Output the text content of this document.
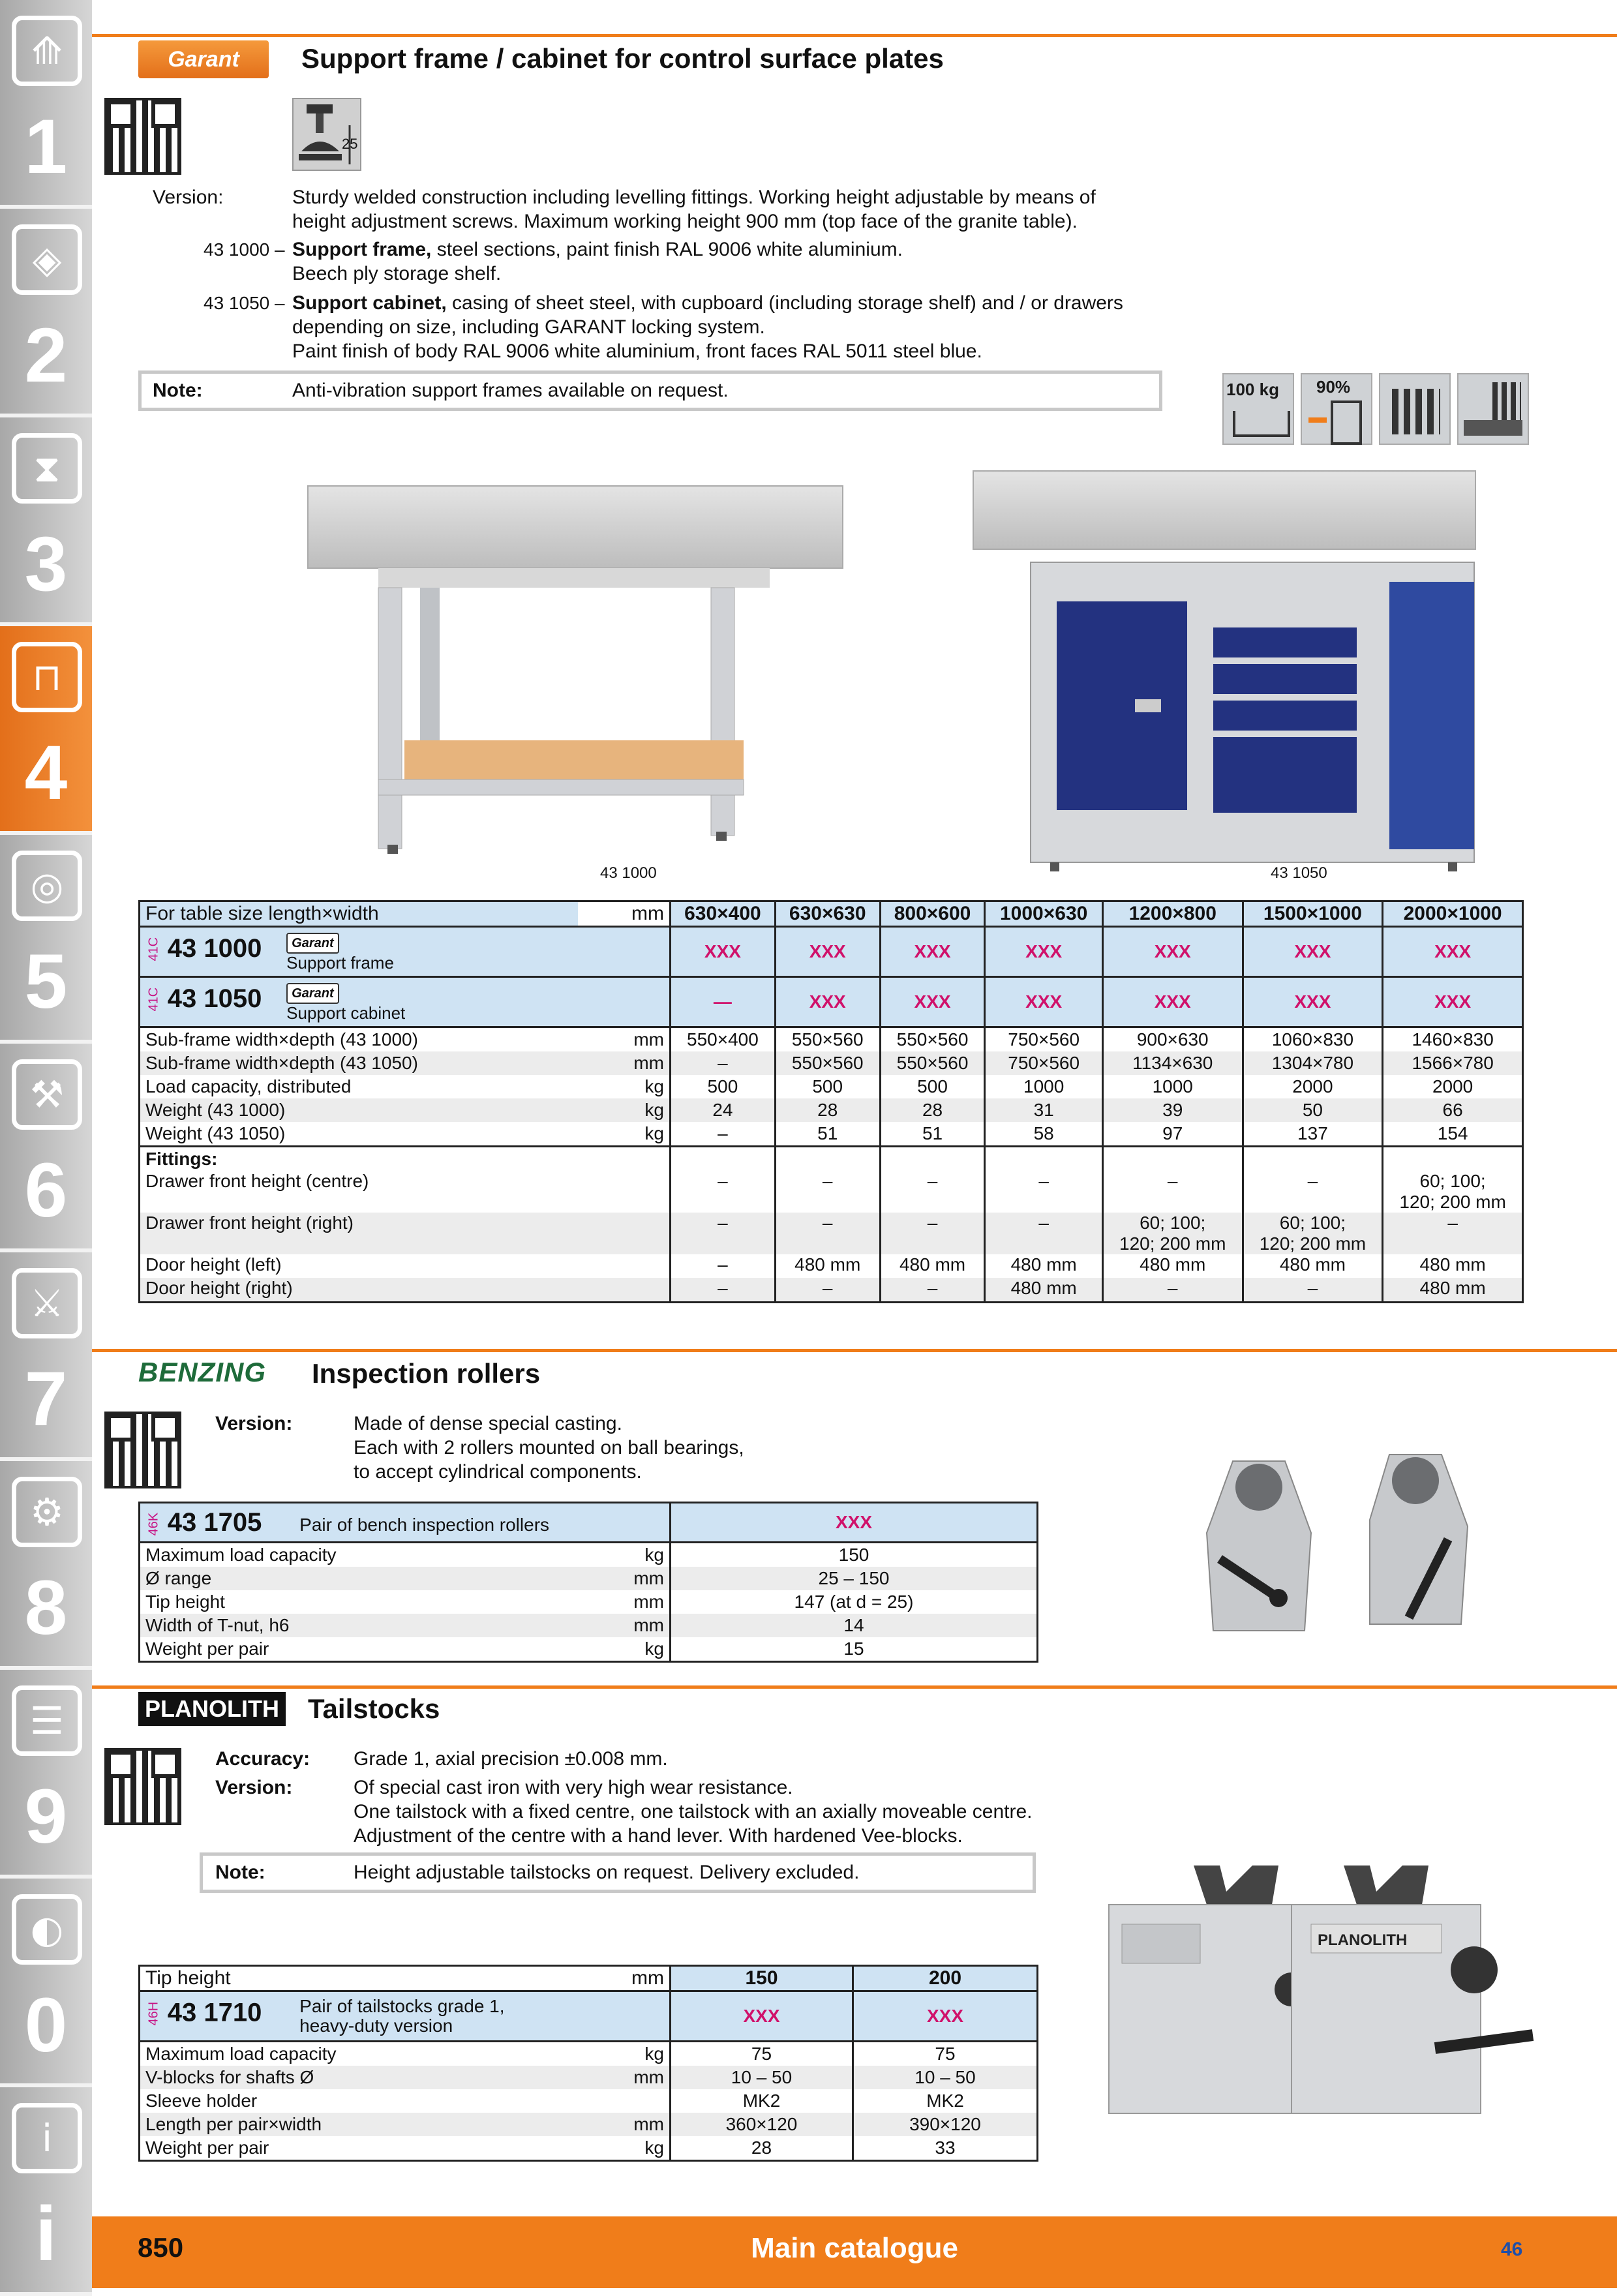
⟰
1
◈
2
⧗
3
⊓
4
◎
5
⚒
6
⚔
7
⚙
8
☰
9
◐
0
i
i
Garant Support frame / cabinet for control surface plates
25
Version:	Sturdy welded construction including levelling fittings. Working height adjustable by means of
height adjustment screws. Maximum working height 900 mm (top face of the granite table).
43 1000 – Support frame, steel sections, paint finish RAL 9006 white aluminium.
Beech ply storage shelf.
43 1050 – Support cabinet, casing of sheet steel, with cupboard (including storage shelf) and / or drawers
depending on size, including GARANT locking system.
Paint finish of body RAL 9006 white aluminium, front faces RAL 5011 steel blue.
Note:	Anti-vibration support frames available on request.	100 kg 90%
43 1000	43 1050
For table size length×width	mm	630×400	630×630	800×600	1000×630	1200×800	1500×1000	2000×1000
41C 43 1000 Garant
Support frame		XXX	XXX	XXX	XXX	XXX	XXX	XXX
41C 43 1050 Garant
Support cabinet		—	XXX	XXX	XXX	XXX	XXX	XXX
Sub-frame width×depth (43 1000)	mm	550×400	550×560	550×560	750×560	900×630	1060×830	1460×830
Sub-frame width×depth (43 1050)	mm	–	550×560	550×560	750×560	1134×630	1304×780	1566×780
Load capacity, distributed	kg	500	500	500	1000	1000	2000	2000
Weight (43 1000)	kg	24	28	28	31	39	50	66
Weight (43 1050)	kg	–	51	51	58	97	137	154
Fittings:								
Drawer front height (centre)		–	–	–	–	–	–	60; 100;
120; 200 mm
Drawer front height (right)		–	–	–	–	60; 100;
120; 200 mm	60; 100;
120; 200 mm	–
Door height (left)		–	480 mm	480 mm	480 mm	480 mm	480 mm	480 mm
Door height (right)		–	–	–	480 mm	–	–	480 mm
BENZING Inspection rollers
Version:	Made of dense special casting.
Each with 2 rollers mounted on ball bearings,
to accept cylindrical components.
46K 43 1705 Pair of bench inspection rollers		XXX
Maximum load capacity	kg	150
Ø range	mm	25 – 150
Tip height	mm	147 (at d = 25)
Width of T-nut, h6	mm	14
Weight per pair	kg	15
PLANOLITH Tailstocks
Accuracy: Grade 1, axial precision ±0.008 mm.
Version:	Of special cast iron with very high wear resistance.
One tailstock with a fixed centre, one tailstock with an axially moveable centre.
Adjustment of the centre with a hand lever. With hardened Vee-blocks.
Note:	Height adjustable tailstocks on request. Delivery excluded.
Tip height	mm	150	200
46H 43 1710 Pair of tailstocks grade 1,
heavy-duty version		XXX	XXX
Maximum load capacity	kg	75	75
V-blocks for shafts Ø	mm	10 – 50	10 – 50
Sleeve holder		MK2	MK2
Length per pair×width	mm	360×120	390×120
Weight per pair	kg	28	33
PLANOLITH
850	Main catalogue	46
